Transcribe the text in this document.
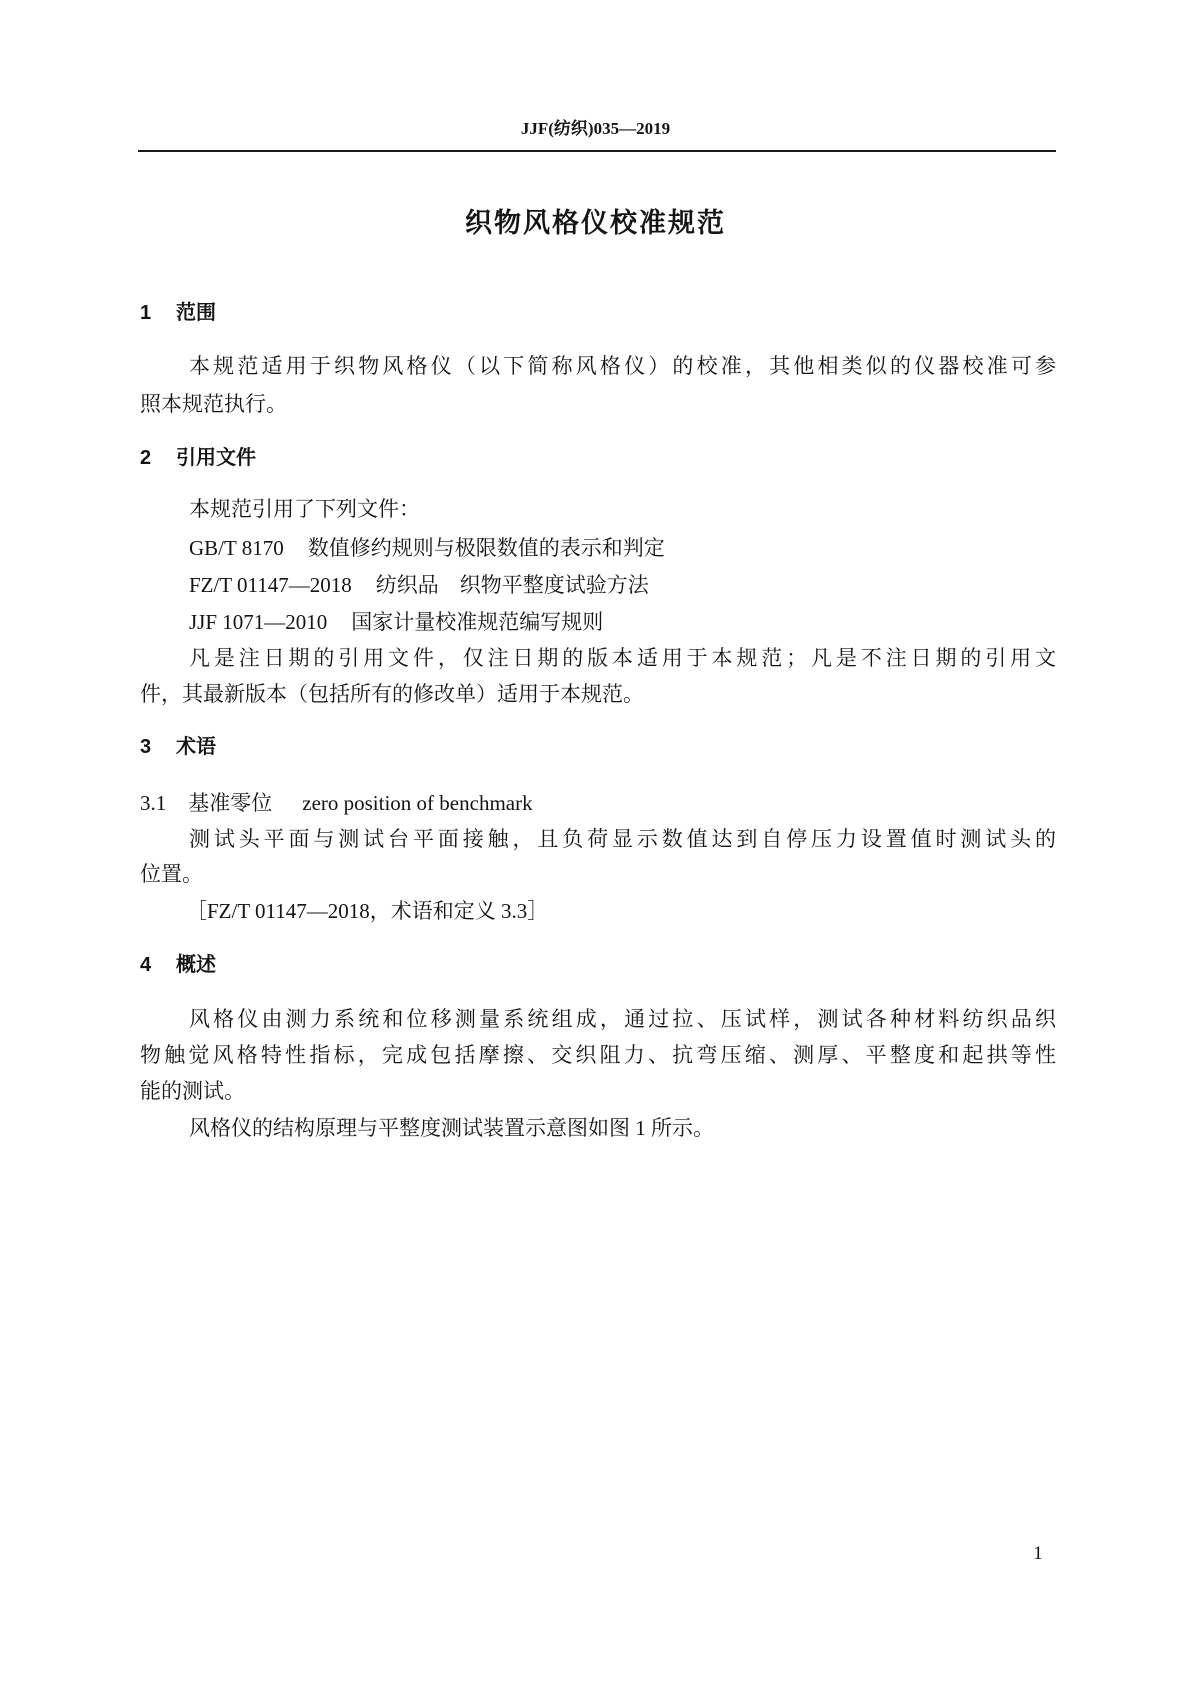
JJF(纺织)035—2019
织物风格仪校准规范
1 范围
本规范适用于织物风格仪（以下简称风格仪）的校准，其他相类似的仪器校准可参
照本规范执行。
2 引用文件
本规范引用了下列文件：
GB/T 8170 数值修约规则与极限数值的表示和判定
FZ/T 01147—2018 纺织品　织物平整度试验方法
JJF 1071—2010 国家计量校准规范编写规则
凡是注日期的引用文件，仅注日期的版本适用于本规范；凡是不注日期的引用文
件，其最新版本（包括所有的修改单）适用于本规范。
3 术语
3.1 基准零位 zero position of benchmark
测试头平面与测试台平面接触，且负荷显示数值达到自停压力设置值时测试头的
位置。
［FZ/T 01147—2018，术语和定义 3.3］
4 概述
风格仪由测力系统和位移测量系统组成，通过拉、压试样，测试各种材料纺织品织
物触觉风格特性指标，完成包括摩擦、交织阻力、抗弯压缩、测厚、平整度和起拱等性
能的测试。
风格仪的结构原理与平整度测试装置示意图如图 1 所示。
1
